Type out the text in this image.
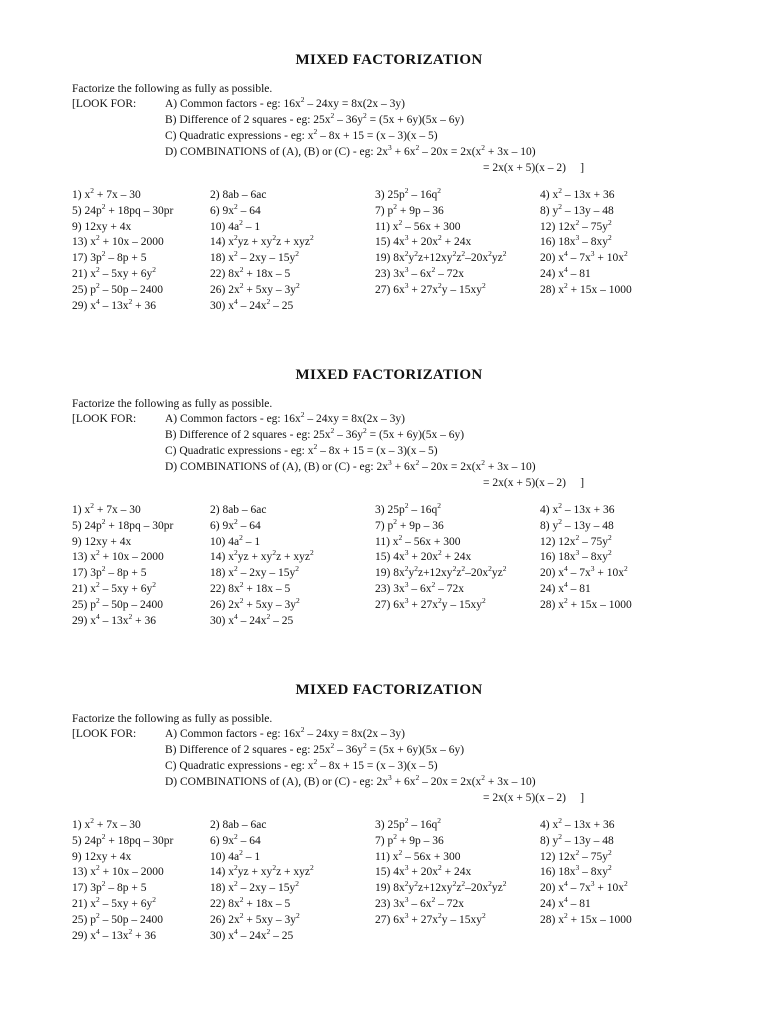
MIXED FACTORIZATION
Factorize the following as fully as possible.
[LOOK FOR:	A) Common factors - eg: $16x^2 - 24xy = 8x(2x - 3y)$
B) Difference of 2 squares - eg: $25x^2 - 36y^2 = (5x + 6y)(5x - 6y)$
C) Quadratic expressions - eg: $x^2 - 8x + 15 = (x - 3)(x - 5)$
D) COMBINATIONS of (A), (B) or (C) - eg: $2x^3 + 6x^2 - 20x = 2x(x^2 + 3x - 10)$
= 2x(x + 5)(x – 2)     ]
1) $x^2 + 7x - 30$	2) 8ab – 6ac	3) $25p^2 - 16q^2$	4) $x^2 - 13x + 36$
5) $24p^2 + 18pq - 30pr$	6) $9x^2 - 64$	7) $p^2 + 9p - 36$	8) $y^2 - 13y - 48$
9) 12xy + 4x	10) $4a^2 - 1$	11) $x^2 - 56x + 300$	12) $12x^2 - 75y^2$
13) $x^2 + 10x - 2000$	14) $x^2yz + xy^2z + xyz^2$	15) $4x^3 + 20x^2 + 24x$	16) $18x^3 - 8xy^2$
17) $3p^2 - 8p + 5$	18) $x^2 - 2xy - 15y^2$	19) $8x^2y^2z+12xy^2z^2-20x^2yz^2$	20) $x^4 - 7x^3 + 10x^2$
21) $x^2 - 5xy + 6y^2$	22) $8x^2 + 18x - 5$	23) $3x^3 - 6x^2 - 72x$	24) $x^4 - 81$
25) $p^2 - 50p - 2400$	26) $2x^2 + 5xy - 3y^2$	27) $6x^3 + 27x^2y - 15xy^2$	28) $x^2 + 15x - 1000$
29) $x^4 - 13x^2 + 36$	30) $x^4 - 24x^2 - 25$
MIXED FACTORIZATION
Factorize the following as fully as possible.
[LOOK FOR:	A) Common factors - eg: $16x^2 - 24xy = 8x(2x - 3y)$
B) Difference of 2 squares - eg: $25x^2 - 36y^2 = (5x + 6y)(5x - 6y)$
C) Quadratic expressions - eg: $x^2 - 8x + 15 = (x - 3)(x - 5)$
D) COMBINATIONS of (A), (B) or (C) - eg: $2x^3 + 6x^2 - 20x = 2x(x^2 + 3x - 10)$
= 2x(x + 5)(x – 2)     ]
1) $x^2 + 7x - 30$	2) 8ab – 6ac	3) $25p^2 - 16q^2$	4) $x^2 - 13x + 36$
5) $24p^2 + 18pq - 30pr$	6) $9x^2 - 64$	7) $p^2 + 9p - 36$	8) $y^2 - 13y - 48$
9) 12xy + 4x	10) $4a^2 - 1$	11) $x^2 - 56x + 300$	12) $12x^2 - 75y^2$
13) $x^2 + 10x - 2000$	14) $x^2yz + xy^2z + xyz^2$	15) $4x^3 + 20x^2 + 24x$	16) $18x^3 - 8xy^2$
17) $3p^2 - 8p + 5$	18) $x^2 - 2xy - 15y^2$	19) $8x^2y^2z+12xy^2z^2-20x^2yz^2$	20) $x^4 - 7x^3 + 10x^2$
21) $x^2 - 5xy + 6y^2$	22) $8x^2 + 18x - 5$	23) $3x^3 - 6x^2 - 72x$	24) $x^4 - 81$
25) $p^2 - 50p - 2400$	26) $2x^2 + 5xy - 3y^2$	27) $6x^3 + 27x^2y - 15xy^2$	28) $x^2 + 15x - 1000$
29) $x^4 - 13x^2 + 36$	30) $x^4 - 24x^2 - 25$
MIXED FACTORIZATION
Factorize the following as fully as possible.
[LOOK FOR:	A) Common factors - eg: $16x^2 - 24xy = 8x(2x - 3y)$
B) Difference of 2 squares - eg: $25x^2 - 36y^2 = (5x + 6y)(5x - 6y)$
C) Quadratic expressions - eg: $x^2 - 8x + 15 = (x - 3)(x - 5)$
D) COMBINATIONS of (A), (B) or (C) - eg: $2x^3 + 6x^2 - 20x = 2x(x^2 + 3x - 10)$
= 2x(x + 5)(x – 2)     ]
1) $x^2 + 7x - 30$	2) 8ab – 6ac	3) $25p^2 - 16q^2$	4) $x^2 - 13x + 36$
5) $24p^2 + 18pq - 30pr$	6) $9x^2 - 64$	7) $p^2 + 9p - 36$	8) $y^2 - 13y - 48$
9) 12xy + 4x	10) $4a^2 - 1$	11) $x^2 - 56x + 300$	12) $12x^2 - 75y^2$
13) $x^2 + 10x - 2000$	14) $x^2yz + xy^2z + xyz^2$	15) $4x^3 + 20x^2 + 24x$	16) $18x^3 - 8xy^2$
17) $3p^2 - 8p + 5$	18) $x^2 - 2xy - 15y^2$	19) $8x^2y^2z+12xy^2z^2-20x^2yz^2$	20) $x^4 - 7x^3 + 10x^2$
21) $x^2 - 5xy + 6y^2$	22) $8x^2 + 18x - 5$	23) $3x^3 - 6x^2 - 72x$	24) $x^4 - 81$
25) $p^2 - 50p - 2400$	26) $2x^2 + 5xy - 3y^2$	27) $6x^3 + 27x^2y - 15xy^2$	28) $x^2 + 15x - 1000$
29) $x^4 - 13x^2 + 36$	30) $x^4 - 24x^2 - 25$
